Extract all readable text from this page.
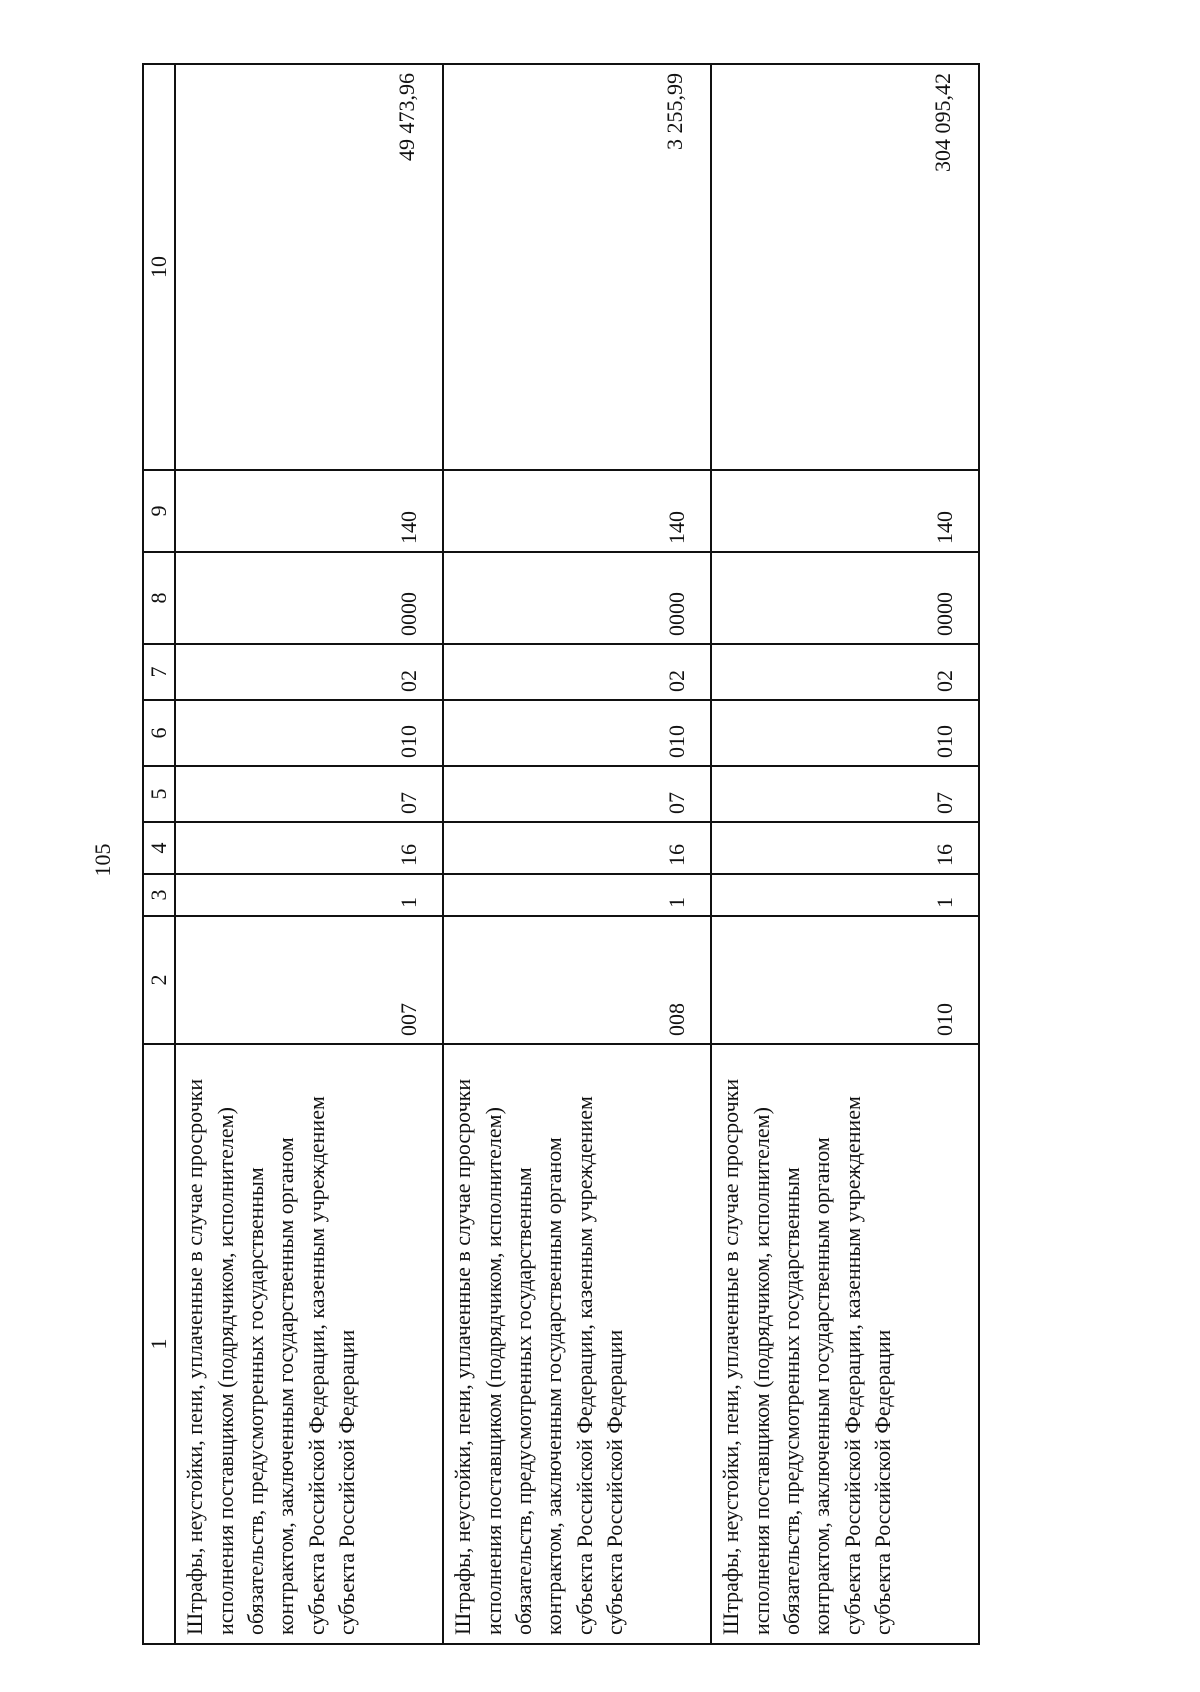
105
1	2	3	4	5	6	7	8	9	10
Штрафы, неустойки, пени, уплаченные в случае просрочки исполнения поставщиком (подрядчиком, исполнителем) обязательств, предусмотренных государственным контрактом, заключенным государственным органом субъекта Российской Федерации, казенным учреждением субъекта Российской Федерации	007	1	16	07	010	02	0000	140	49 473,96
Штрафы, неустойки, пени, уплаченные в случае просрочки исполнения поставщиком (подрядчиком, исполнителем) обязательств, предусмотренных государственным контрактом, заключенным государственным органом субъекта Российской Федерации, казенным учреждением субъекта Российской Федерации	008	1	16	07	010	02	0000	140	3 255,99
Штрафы, неустойки, пени, уплаченные в случае просрочки исполнения поставщиком (подрядчиком, исполнителем) обязательств, предусмотренных государственным контрактом, заключенным государственным органом субъекта Российской Федерации, казенным учреждением субъекта Российской Федерации	010	1	16	07	010	02	0000	140	304 095,42
